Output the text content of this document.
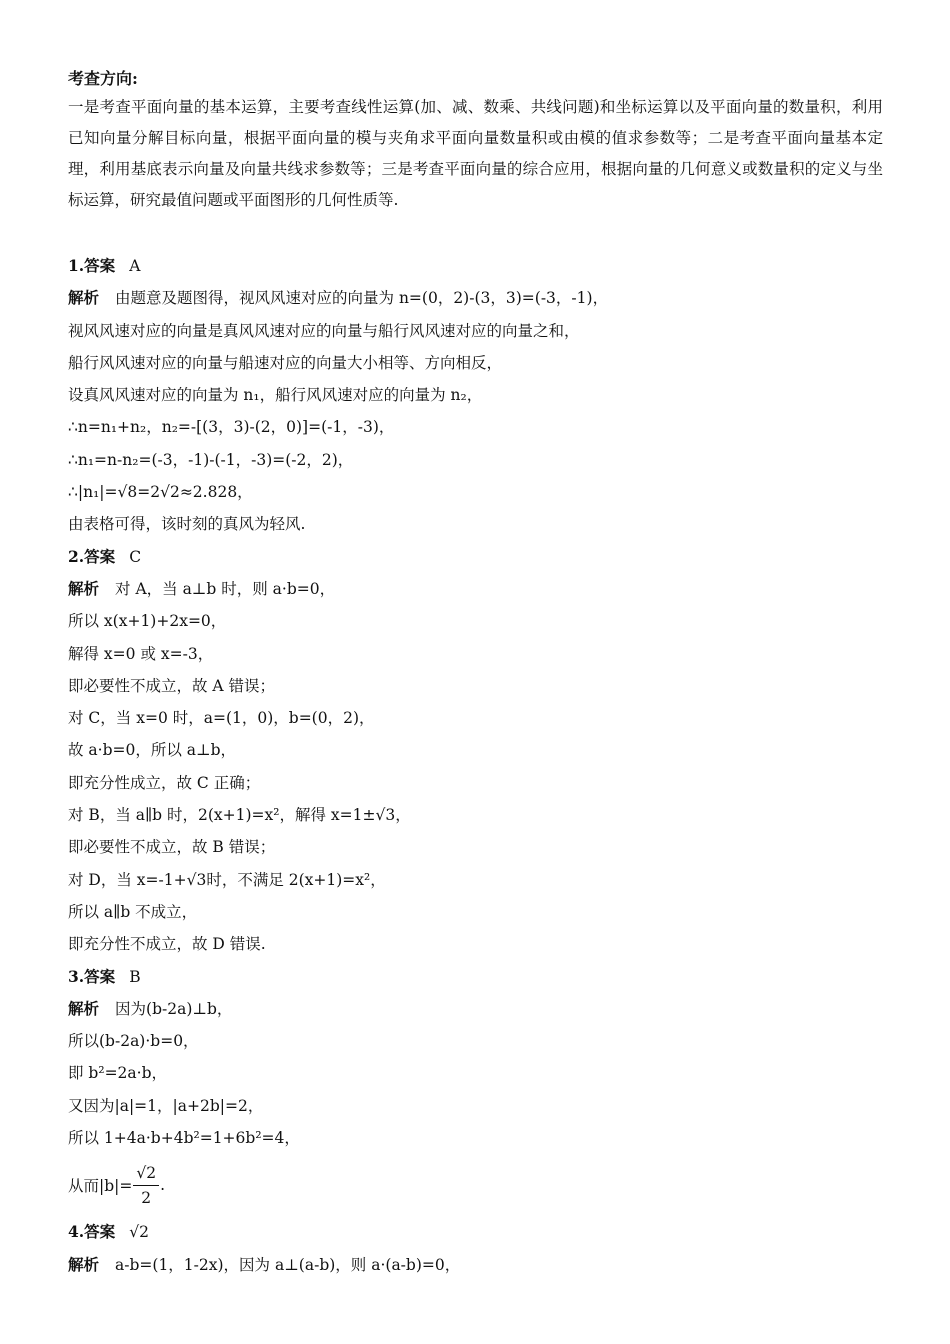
考查方向:
一是考查平面向量的基本运算，主要考查线性运算(加、减、数乘、共线问题)和坐标运算以及平面向量的数量积，利用已知向量分解目标向量，根据平面向量的模与夹角求平面向量数量积或由模的值求参数等；二是考查平面向量基本定理，利用基底表示向量及向量共线求参数等；三是考查平面向量的综合应用，根据向量的几何意义或数量积的定义与坐标运算，研究最值问题或平面图形的几何性质等.
1.答案 A
解析 由题意及题图得，视风风速对应的向量为 n=(0，2)-(3，3)=(-3，-1)，
视风风速对应的向量是真风风速对应的向量与船行风风速对应的向量之和，
船行风风速对应的向量与船速对应的向量大小相等、方向相反，
设真风风速对应的向量为 n₁，船行风风速对应的向量为 n₂，
∴n=n₁+n₂，n₂=-[(3，3)-(2，0)]=(-1，-3)，
∴n₁=n-n₂=(-3，-1)-(-1，-3)=(-2，2)，
∴|n₁|=√8=2√2≈2.828，
由表格可得，该时刻的真风为轻风.
2.答案 C
解析 对 A，当 a⊥b 时，则 a·b=0，
所以 x(x+1)+2x=0，
解得 x=0 或 x=-3，
即必要性不成立，故 A 错误；
对 C，当 x=0 时，a=(1，0)，b=(0，2)，
故 a·b=0，所以 a⊥b，
即充分性成立，故 C 正确；
对 B，当 a∥b 时，2(x+1)=x²，解得 x=1±√3，
即必要性不成立，故 B 错误；
对 D，当 x=-1+√3时，不满足 2(x+1)=x²，
所以 a∥b 不成立，
即充分性不成立，故 D 错误.
3.答案 B
解析 因为(b-2a)⊥b，
所以(b-2a)·b=0，
即 b²=2a·b，
又因为|a|=1，|a+2b|=2，
所以 1+4a·b+4b²=1+6b²=4，
从而$|b|= \frac{√2}{2}$ .
4.答案 √2
解析 a-b=(1，1-2x)，因为 a⊥(a-b)，则 a·(a-b)=0，
